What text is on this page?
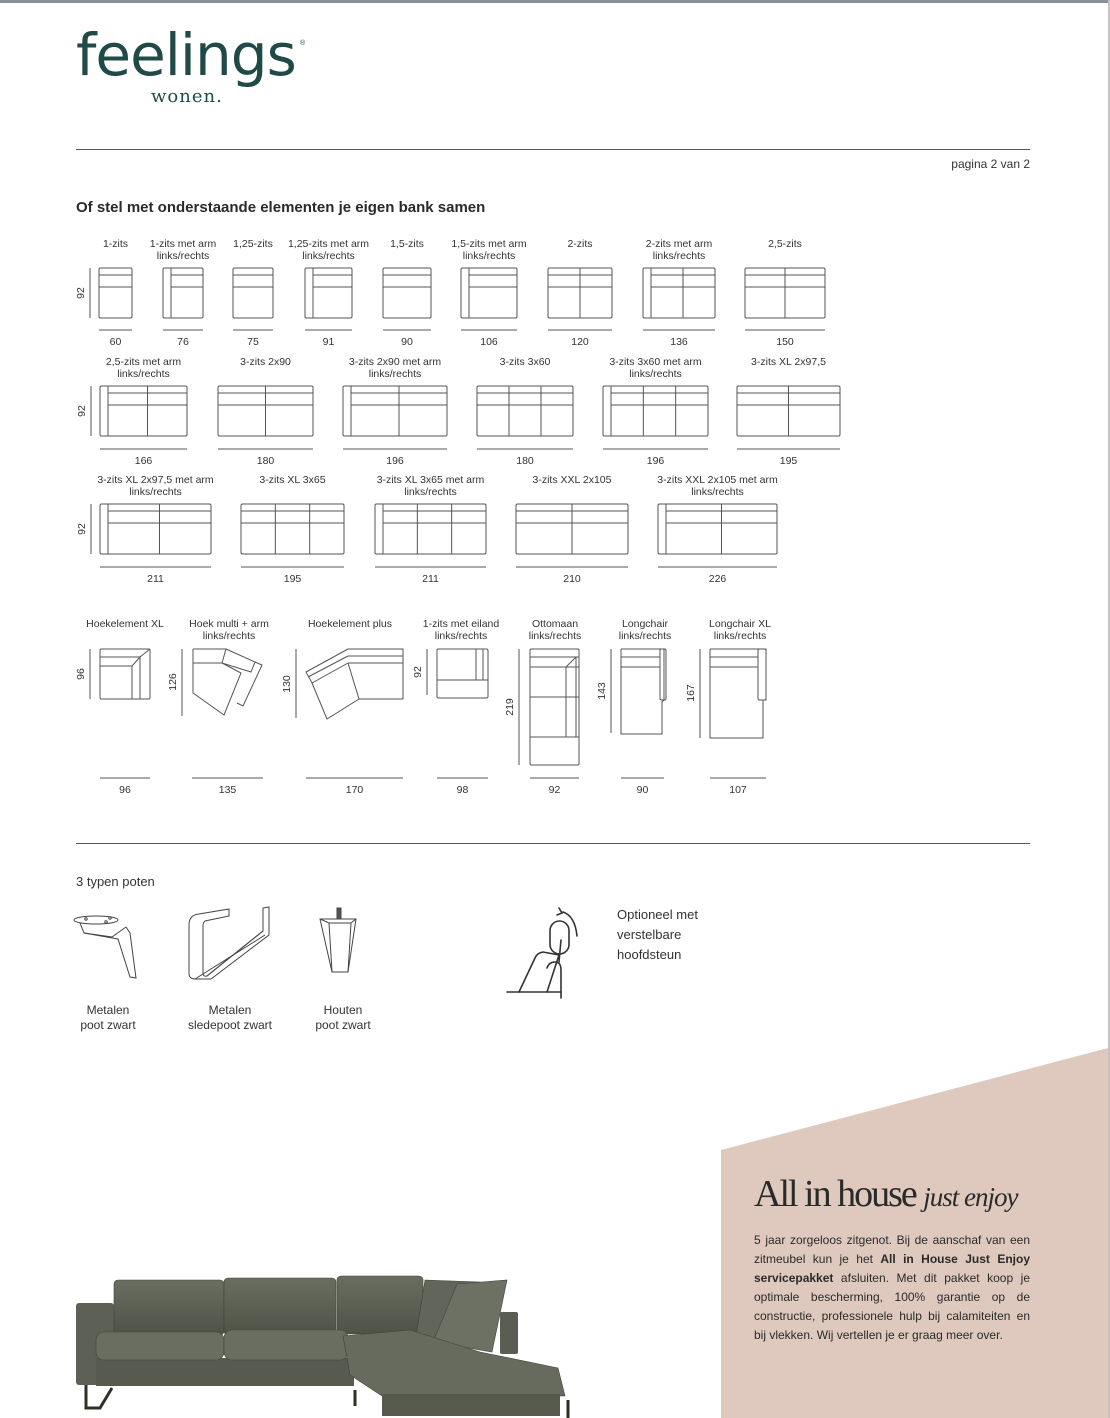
feelings ®
wonen.
pagina 2 van 2
Of stel met onderstaande elementen je eigen bank samen
1-zits
60
92
1-zits met arm
links/rechts
76
1,25-zits
75
1,25-zits met arm
links/rechts
91
1,5-zits
90
1,5-zits met arm
links/rechts
106
2-zits
120
2-zits met arm
links/rechts
136
2,5-zits
150
2,5-zits met arm
links/rechts
166
92
3-zits 2x90
180
3-zits 2x90 met arm
links/rechts
196
3-zits 3x60
180
3-zits 3x60 met arm
links/rechts
196
3-zits XL 2x97,5
195
3-zits XL 2x97,5 met arm
links/rechts
211
92
3-zits XL 3x65
195
3-zits XL 3x65 met arm
links/rechts
211
3-zits XXL 2x105
210
3-zits XXL 2x105 met arm
links/rechts
226
Hoekelement XL
96
Hoek multi + arm
links/rechts
135
Hoekelement plus
170
1-zits met eiland
links/rechts
98
Ottomaan
links/rechts
92
Longchair
links/rechts
90
Longchair XL
links/rechts
107
96	126	130
92
219
143	167
3 typen poten
Metalen
poot zwart
Metalen
sledepoot zwart
Houten
poot zwart
Optioneel met
verstelbare
hoofdsteun
All in house just enjoy
5 jaar zorgeloos zitgenot. Bij de aanschaf van een zitmeubel kun je het All in House Just Enjoy servicepakket afsluiten. Met dit pakket koop je optimale bescherming, 100% garantie op de constructie, professionele hulp bij calamiteiten en bij vlekken. Wij vertellen je er graag meer over.
